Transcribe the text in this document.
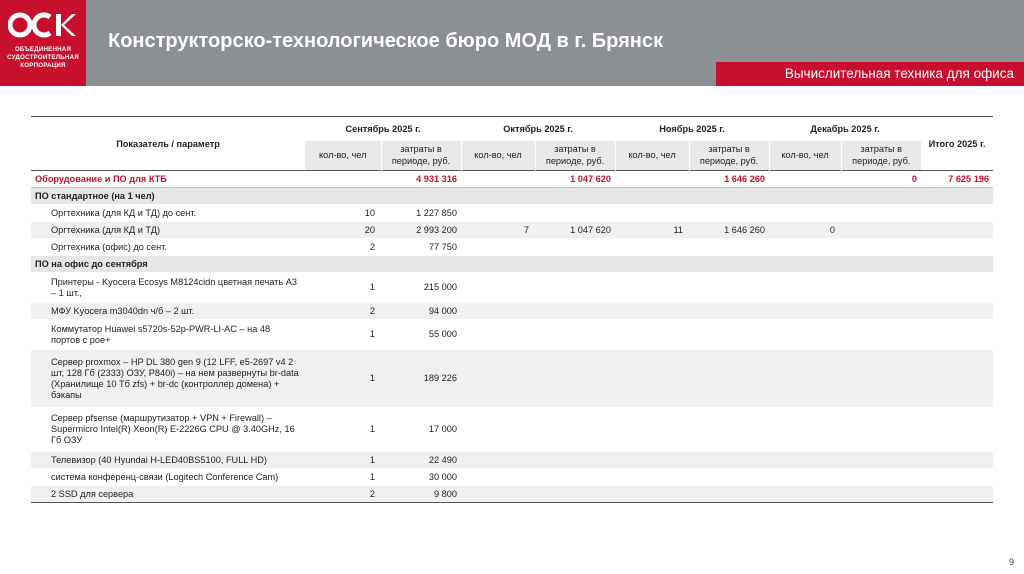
ОБЪЕДИНЕННАЯ СУДОСТРОИТЕЛЬНАЯ КОРПОРАЦИЯ
Конструкторско-технологическое бюро МОД в г. Брянск
Вычислительная техника для офиса
Показатель / параметр	Сентябрь 2025 г.		Октябрь 2025 г.		Ноябрь 2025 г.		Декабрь 2025 г.		Итого 2025 г.
	кол-во, чел	затраты в периоде, руб.	кол-во, чел	затраты в периоде, руб.	кол-во, чел	затраты в периоде, руб.	кол-во, чел	затраты в периоде, руб.	
Оборудование и ПО для КТБ		4 931 316		1 047 620		1 646 260		0	7 625 196
ПО стандартное (на 1 чел)									
Оргтехника (для КД и ТД) до сент.	10	1 227 850							
Оргтехника (для КД и ТД)	20	2 993 200	7	1 047 620	11	1 646 260	0		
Оргтехника (офис) до сент.	2	77 750							
ПО на офис до сентября									
Принтеры - Kyocera Ecosys M8124cidn цветная печать А3 – 1 шт.,	1	215 000							
МФУ Kyocera m3040dn ч/б – 2 шт.	2	94 000							
Коммутатор Huawei s5720s-52p-PWR-LI-AC – на 48 портов с poe+	1	55 000							
Сервер proxmox – HP DL 380 gen 9 (12 LFF, e5-2697 v4 2 шт, 128 Гб (2333) ОЗУ, P840i) – на нем развернуты br-data (Хранилище 10 Тб zfs) + br-dc (контроллер домена) + бэкапы	1	189 226							
Сервер pfsense (маршрутизатор + VPN + Firewall) – Supermicro Intel(R) Xeon(R) E-2226G CPU @ 3.40GHz, 16 Гб ОЗУ	1	17 000							
Телевизор (40 Hyundai H-LED40BS5100, FULL HD)	1	22 490							
система конференц-связи (Logitech Conference Cam)	1	30 000							
2 SSD для сервера	2	9 800							
9
